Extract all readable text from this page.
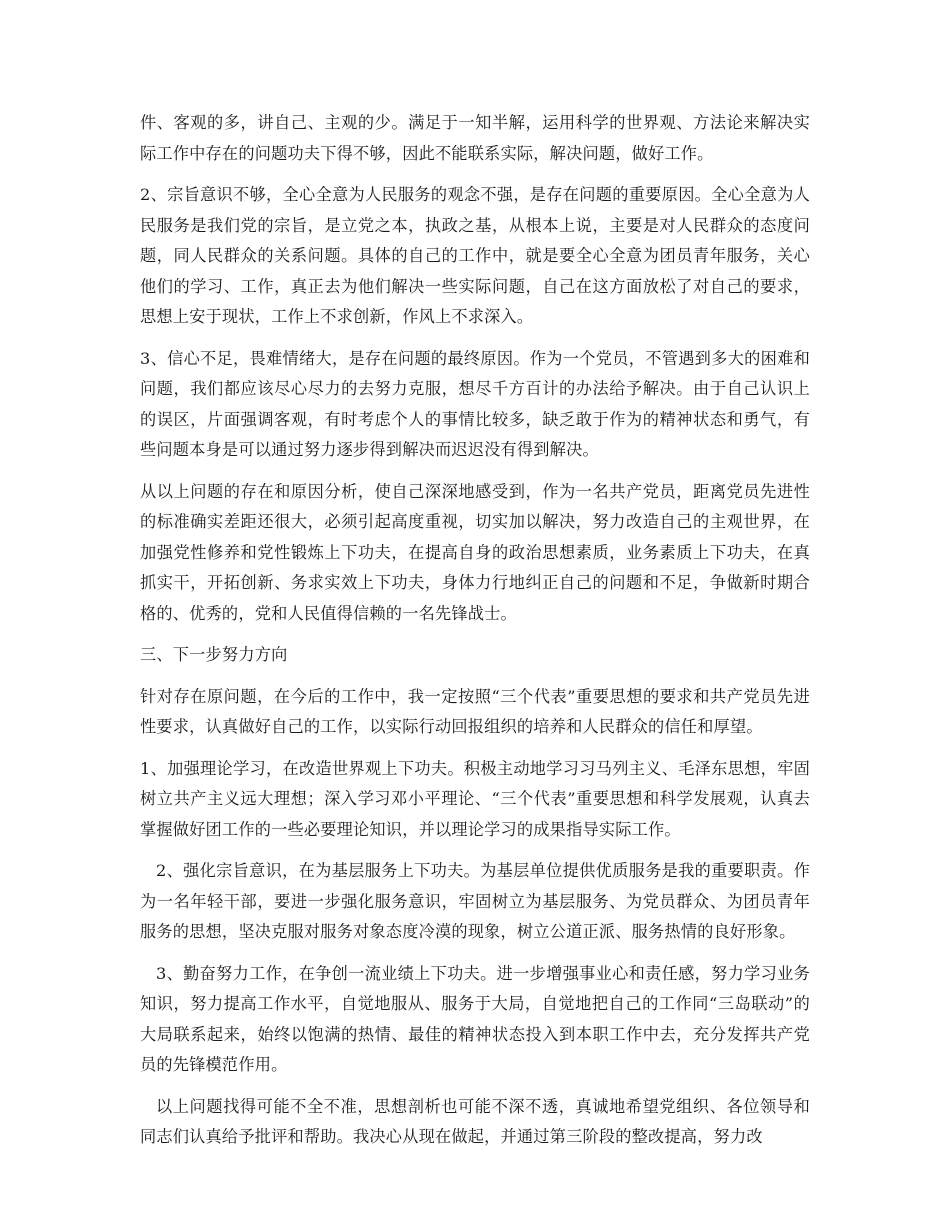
件、客观的多，讲自己、主观的少。满足于一知半解，运用科学的世界观、方法论来解决实际工作中存在的问题功夫下得不够，因此不能联系实际，解决问题，做好工作。

2、宗旨意识不够，全心全意为人民服务的观念不强，是存在问题的重要原因。全心全意为人民服务是我们党的宗旨，是立党之本，执政之基，从根本上说，主要是对人民群众的态度问题，同人民群众的关系问题。具体的自己的工作中，就是要全心全意为团员青年服务，关心他们的学习、工作，真正去为他们解决一些实际问题，自己在这方面放松了对自己的要求，思想上安于现状，工作上不求创新，作风上不求深入。

3、信心不足，畏难情绪大，是存在问题的最终原因。作为一个党员，不管遇到多大的困难和问题，我们都应该尽心尽力的去努力克服，想尽千方百计的办法给予解决。由于自己认识上的误区，片面强调客观，有时考虑个人的事情比较多，缺乏敢于作为的精神状态和勇气，有些问题本身是可以通过努力逐步得到解决而迟迟没有得到解决。

从以上问题的存在和原因分析，使自己深深地感受到，作为一名共产党员，距离党员先进性的标准确实差距还很大，必须引起高度重视，切实加以解决，努力改造自己的主观世界，在加强党性修养和党性锻炼上下功夫，在提高自身的政治思想素质，业务素质上下功夫，在真抓实干，开拓创新、务求实效上下功夫，身体力行地纠正自己的问题和不足，争做新时期合格的、优秀的，党和人民值得信赖的一名先锋战士。

三、下一步努力方向

针对存在原问题，在今后的工作中，我一定按照“三个代表”重要思想的要求和共产党员先进性要求，认真做好自己的工作，以实际行动回报组织的培养和人民群众的信任和厚望。

1、加强理论学习，在改造世界观上下功夫。积极主动地学习习马列主义、毛泽东思想，牢固树立共产主义远大理想；深入学习邓小平理论、“三个代表”重要思想和科学发展观，认真去掌握做好团工作的一些必要理论知识，并以理论学习的成果指导实际工作。

2、强化宗旨意识，在为基层服务上下功夫。为基层单位提供优质服务是我的重要职责。作为一名年轻干部，要进一步强化服务意识，牢固树立为基层服务、为党员群众、为团员青年服务的思想，坚决克服对服务对象态度冷漠的现象，树立公道正派、服务热情的良好形象。

3、勤奋努力工作，在争创一流业绩上下功夫。进一步增强事业心和责任感，努力学习业务知识，努力提高工作水平，自觉地服从、服务于大局，自觉地把自己的工作同“三岛联动”的大局联系起来，始终以饱满的热情、最佳的精神状态投入到本职工作中去，充分发挥共产党员的先锋模范作用。

以上问题找得可能不全不准，思想剖析也可能不深不透，真诚地希望党组织、各位领导和同志们认真给予批评和帮助。我决心从现在做起，并通过第三阶段的整改提高，努力改
